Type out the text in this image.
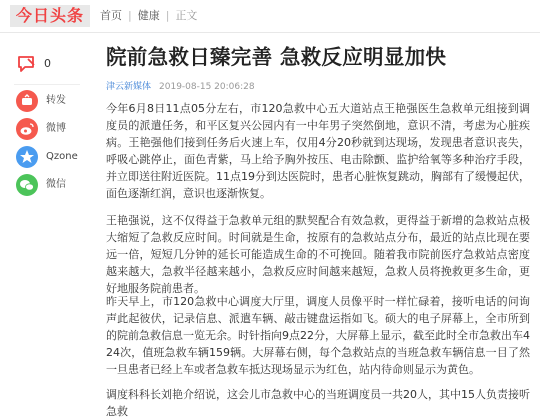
今日头条	首页 | 健康 | 正文
0
转发
微博
Qzone
微信
院前急救日臻完善 急救反应明显加快
津云新媒体 2019-08-15 20:06:28

今年6月8日11点05分左右，市120急救中心五大道站点王艳强医生急救单元组接到调度员的派遣任务，和平区复兴公园内有一中年男子突然倒地，意识不清，考虑为心脏疾病。王艳强他们接到任务后火速上车，仅用4分20秒就到达现场，发现患者意识丧失，呼吸心跳停止，面色青紫，马上给予胸外按压、电击除颤、监护给氧等多种治疗手段，并立即送往附近医院。11点19分到达医院时，患者心脏恢复跳动，胸部有了缓慢起伏，面色逐渐红润，意识也逐渐恢复。

王艳强说，这不仅得益于急救单元组的默契配合有效急救，更得益于新增的急救站点极大缩短了急救反应时间。时间就是生命，按原有的急救站点分布，最近的站点比现在要远一倍，短短几分钟的延长可能造成生命的不可挽回。随着我市院前医疗急救站点密度越来越大，急救半径越来越小，急救反应时间越来越短，急救人员将挽救更多生命，更好地服务院前患者。

昨天早上，市120急救中心调度大厅里，调度人员像平时一样忙碌着，接听电话的问询声此起彼伏，记录信息、派遣车辆、敲击键盘运指如飞。硕大的电子屏幕上，全市所到的院前急救信息一览无余。时针指向9点22分，大屏幕上显示，截至此时全市急救出车424次，值班急救车辆159辆。大屏幕右侧，每个急救站点的当班急救车辆信息一目了然一旦患者已经上车或者急救车抵达现场显示为红色，站内待命则显示为黄色。

调度科科长刘艳介绍说，这会儿市急救中心的当班调度员一共20人，其中15人负责接听急救
